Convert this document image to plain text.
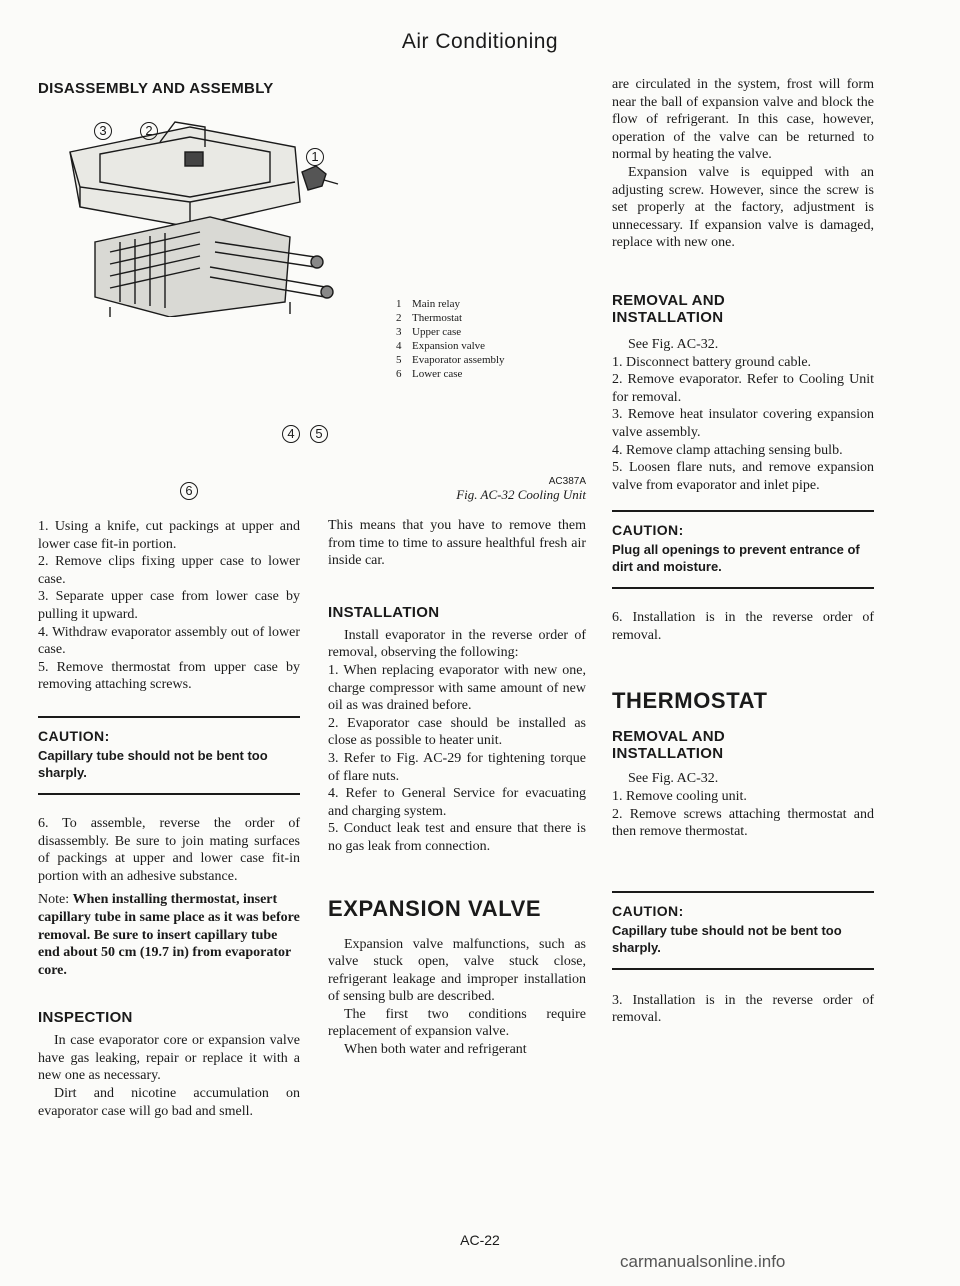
Air Conditioning
3	2
1
4	5
6
1 Main relay
2 Thermostat
3 Upper case
4 Expansion valve
5 Evaporator assembly
6 Lower case
DISASSEMBLY AND ASSEMBLY

1. Using a knife, cut packings at upper and lower case fit-in portion.

2. Remove clips fixing upper case to lower case.

3. Separate upper case from lower case by pulling it upward.

4. Withdraw evaporator assembly out of lower case.

5. Remove thermostat from upper case by removing attaching screws.

CAUTION:
Capillary tube should not be bent too sharply.

6. To assemble, reverse the order of disassembly. Be sure to join mating surfaces of packings at upper and lower case fit-in portion with an adhesive substance.

Note: When installing thermostat, insert capillary tube in same place as it was before removal. Be sure to insert capillary tube end about 50 cm (19.7 in) from evaporator core.
INSPECTION

In case evaporator core or expansion valve have gas leaking, repair or replace it with a new one as necessary.

Dirt and nicotine accumulation on evaporator case will go bad and smell.

AC387A
Fig. AC-32 Cooling Unit

This means that you have to remove them from time to time to assure healthful fresh air inside car.

INSTALLATION

Install evaporator in the reverse order of removal, observing the following:

1. When replacing evaporator with new one, charge compressor with same amount of new oil as was drained before.

2. Evaporator case should be installed as close as possible to heater unit.

3. Refer to Fig. AC-29 for tightening torque of flare nuts.

4. Refer to General Service for evacuating and charging system.

5. Conduct leak test and ensure that there is no gas leak from connection.

EXPANSION VALVE

Expansion valve malfunctions, such as valve stuck open, valve stuck close, refrigerant leakage and improper installation of sensing bulb are described.

The first two conditions require replacement of expansion valve.

When both water and refrigerant

are circulated in the system, frost will form near the ball of expansion valve and block the flow of refrigerant. In this case, however, operation of the valve can be returned to normal by heating the valve.

Expansion valve is equipped with an adjusting screw. However, since the screw is set properly at the factory, adjustment is unnecessary. If expansion valve is damaged, replace with new one.

REMOVAL AND
INSTALLATION

See Fig. AC-32.

1. Disconnect battery ground cable.

2. Remove evaporator. Refer to Cooling Unit for removal.

3. Remove heat insulator covering expansion valve assembly.

4. Remove clamp attaching sensing bulb.

5. Loosen flare nuts, and remove expansion valve from evaporator and inlet pipe.

CAUTION:
Plug all openings to prevent entrance of dirt and moisture.

6. Installation is in the reverse order of removal.

THERMOSTAT
REMOVAL AND
INSTALLATION

See Fig. AC-32.

1. Remove cooling unit.

2. Remove screws attaching thermostat and then remove thermostat.

CAUTION:
Capillary tube should not be bent too sharply.

3. Installation is in the reverse order of removal.

AC-22
carmanualsonline.info
